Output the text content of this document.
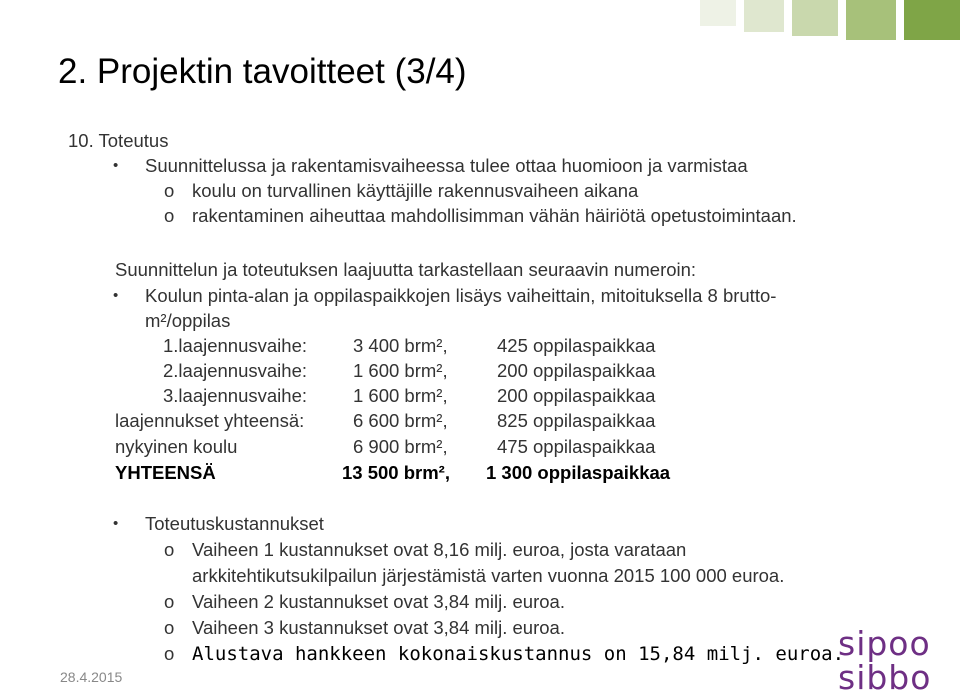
2. Projektin tavoitteet (3/4)
10. Toteutus
• Suunnittelussa ja rakentamisvaiheessa tulee ottaa huomioon ja varmistaa
o koulu on turvallinen käyttäjille rakennusvaiheen aikana
o rakentaminen aiheuttaa mahdollisimman vähän häiriötä opetustoimintaan.
Suunnittelun ja toteutuksen laajuutta tarkastellaan seuraavin numeroin:
• Koulun pinta-alan ja oppilaspaikkojen lisäys vaiheittain, mitoituksella 8 brutto-
m²/oppilas
1.laajennusvaihe: 3 400 brm²,	425 oppilaspaikkaa
2.laajennusvaihe: 1 600 brm²,	200 oppilaspaikkaa
3.laajennusvaihe: 1 600 brm²,	200 oppilaspaikkaa
laajennukset yhteensä:	6 600 brm²,	825 oppilaspaikkaa
nykyinen koulu	6 900 brm²,	475 oppilaspaikkaa
YHTEENSÄ	13 500 brm², 1 300 oppilaspaikkaa
• Toteutuskustannukset
o Vaiheen 1 kustannukset ovat 8,16 milj. euroa, josta varataan
arkkitehtikutsukilpailun järjestämistä varten vuonna 2015 100 000 euroa.
o Vaiheen 2 kustannukset ovat 3,84 milj. euroa.
o Vaiheen 3 kustannukset ovat 3,84 milj. euroa.
o Alustava hankkeen kokonaiskustannus on 15,84 milj. euroa.
28.4.2015
sipoo
sibbo
